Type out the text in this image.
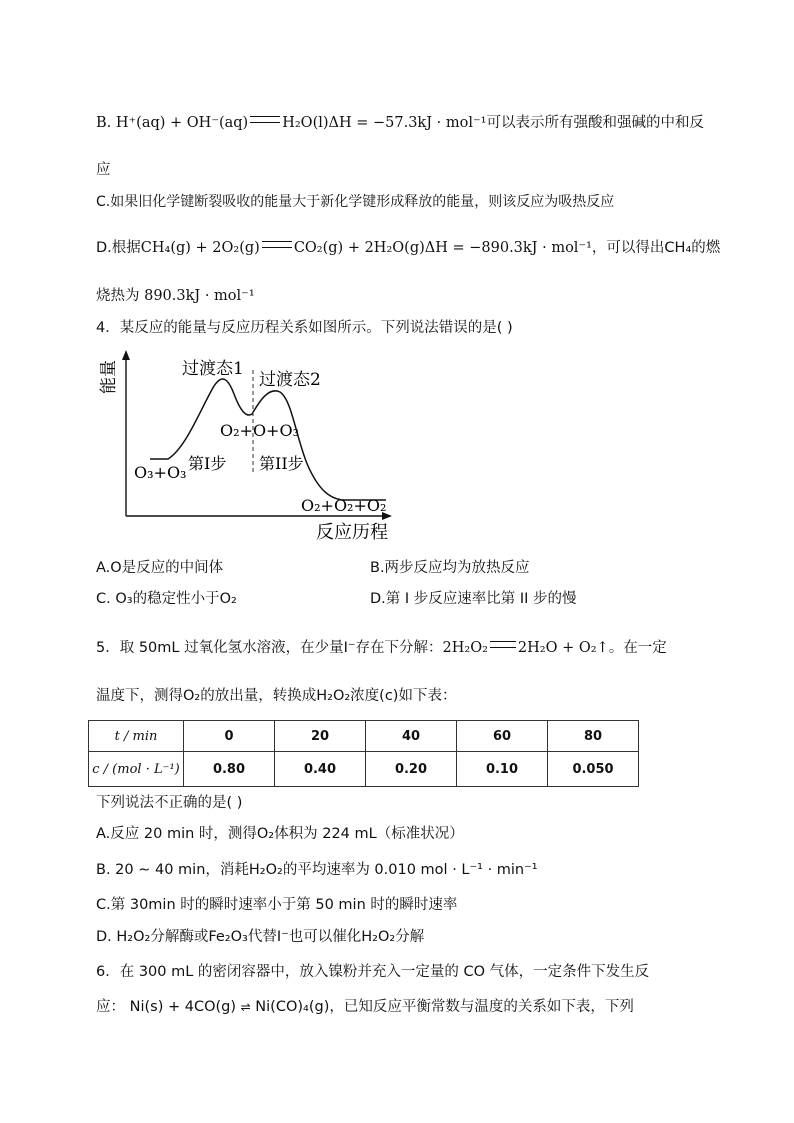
B. H⁺(aq) + OH⁻(aq) H₂O(l)ΔH = −57.3kJ · mol⁻¹可以表示所有强酸和强碱的中和反
应
C.如果旧化学键断裂吸收的能量大于新化学键形成释放的能量，则该反应为吸热反应
D.根据CH₄(g) + 2O₂(g) CO₂(g) + 2H₂O(g)ΔH = −890.3kJ · mol⁻¹，可以得出CH₄的燃
烧热为 890.3kJ · mol⁻¹
4．某反应的能量与反应历程关系如图所示。下列说法错误的是( )
能量	过渡态1
过渡态2
O₂+O+O₃
O₃+O₃ 第I步 第II步
O₂+O₂+O₂
反应历程
A.O是反应的中间体	B.两步反应均为放热反应
C. O₃的稳定性小于O₂	D.第 I 步反应速率比第 II 步的慢
5．取 50mL 过氧化氢水溶液，在少量I⁻存在下分解：2H₂O₂ 2H₂O + O₂↑。在一定
温度下，测得O₂的放出量，转换成H₂O₂浓度(c)如下表：
t / min	0	20	40	60	80
c / (mol · L⁻¹)	0.80	0.40	0.20	0.10	0.050
下列说法不正确的是( )
A.反应 20 min 时，测得O₂体积为 224 mL（标准状况）
B. 20 ∼ 40 min，消耗H₂O₂的平均速率为 0.010 mol · L⁻¹ · min⁻¹
C.第 30min 时的瞬时速率小于第 50 min 时的瞬时速率
D. H₂O₂分解酶或Fe₂O₃代替I⁻也可以催化H₂O₂分解
6．在 300 mL 的密闭容器中，放入镍粉并充入一定量的 CO 气体，一定条件下发生反
应： Ni(s) + 4CO(g) ⇌ Ni(CO)₄(g)，已知反应平衡常数与温度的关系如下表，下列
